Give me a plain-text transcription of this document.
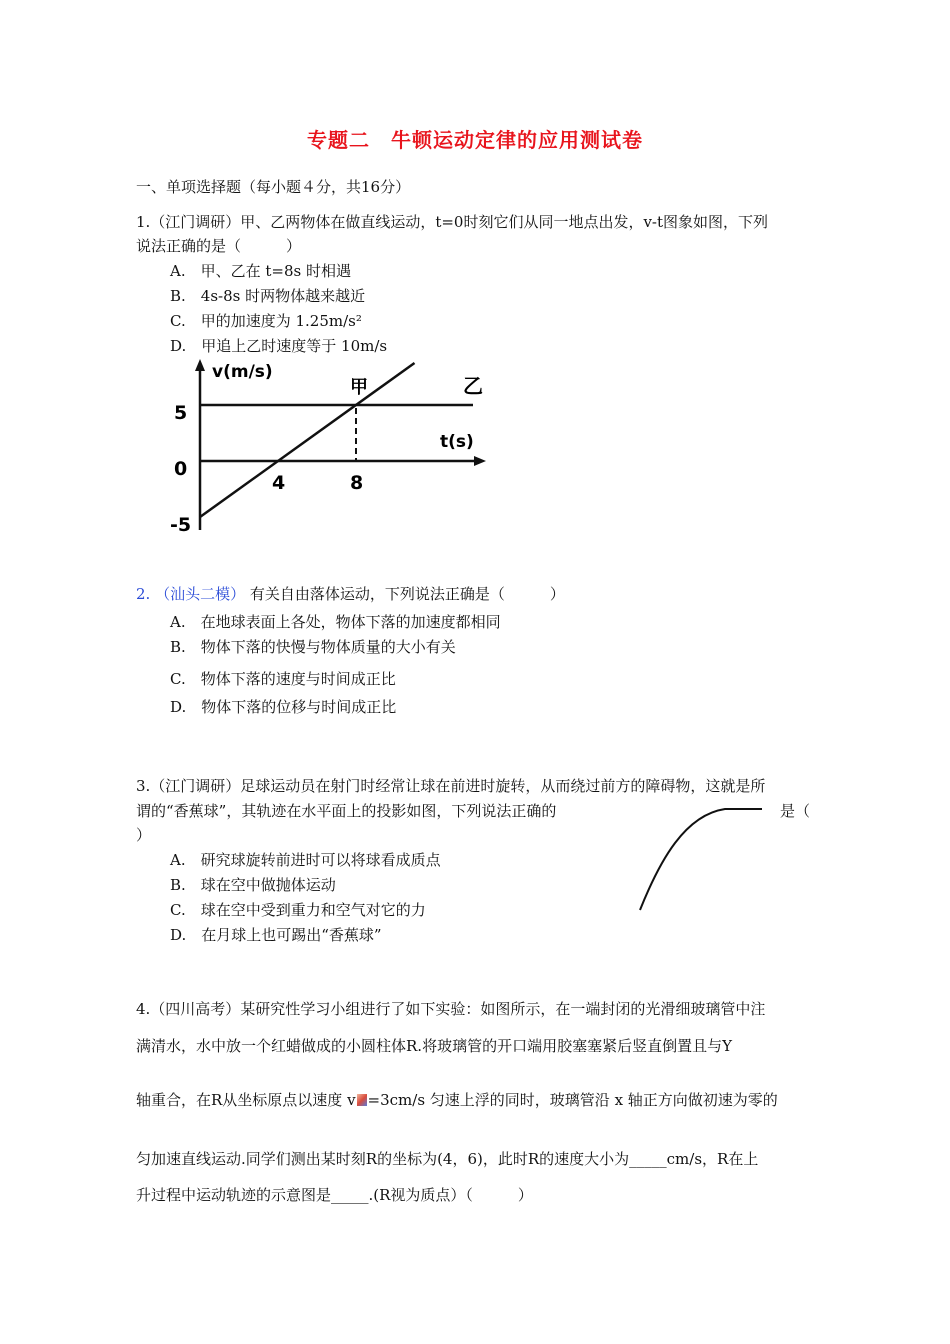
专题二　牛顿运动定律的应用测试卷
一、单项选择题（每小题４分，共16分）
1.（江门调研）甲、乙两物体在做直线运动，t=0时刻它们从同一地点出发，v-t图象如图，下列
说法正确的是（　　　）
A.　甲、乙在 t=8s 时相遇
B.　4s-8s 时两物体越来越近
C.　甲的加速度为 1.25m/s²
D.　甲追上乙时速度等于 10m/s
v(m/s)
t(s)
甲	乙
5
0
-5
4	8
2. （汕头二模） 有关自由落体运动，下列说法正确是（　　　）
A.　在地球表面上各处，物体下落的加速度都相同
B.　物体下落的快慢与物体质量的大小有关
C.　物体下落的速度与时间成正比
D.　物体下落的位移与时间成正比
3.（江门调研）足球运动员在射门时经常让球在前进时旋转，从而绕过前方的障碍物，这就是所
谓的“香蕉球”，其轨迹在水平面上的投影如图，下列说法正确的	是（
）
A.　研究球旋转前进时可以将球看成质点
B.　球在空中做抛体运动
C.　球在空中受到重力和空气对它的力
D.　在月球上也可踢出“香蕉球”
4.（四川高考）某研究性学习小组进行了如下实验：如图所示，在一端封闭的光滑细玻璃管中注
满清水，水中放一个红蜡做成的小圆柱体R.将玻璃管的开口端用胶塞塞紧后竖直倒置且与Y
轴重合，在R从坐标原点以速度 v =3cm/s 匀速上浮的同时，玻璃管沿 x 轴正方向做初速为零的
匀加速直线运动.同学们测出某时刻R的坐标为(4，6)，此时R的速度大小为_____cm/s，R在上
升过程中运动轨迹的示意图是_____.(R视为质点）（　　　）
